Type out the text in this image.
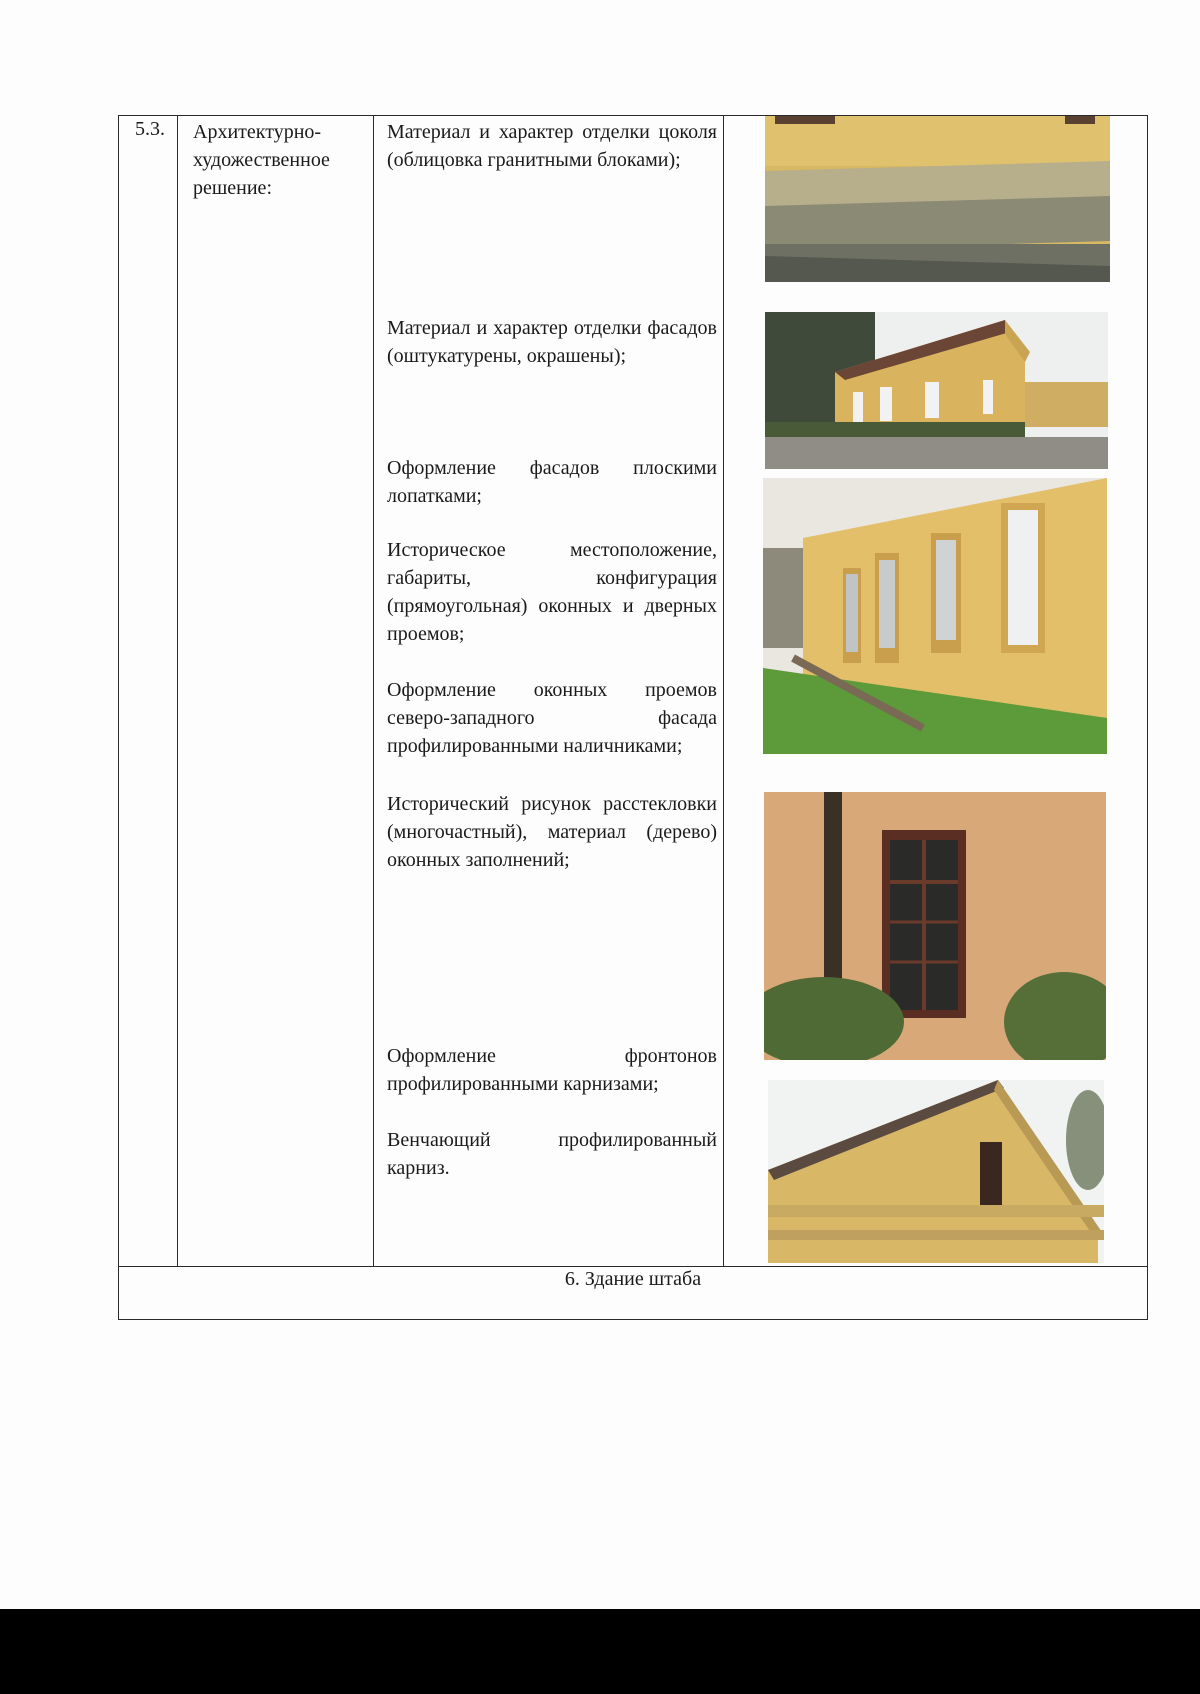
5.3. Архитектурно-художественное решение:
Материал и характер отделки цоколя (облицовка гранитными блоками);
Материал и характер отделки фасадов (оштукатурены, окрашены);
Оформление фасадов плоскими лопатками;
Историческое местоположение, габариты, конфигурация (прямоугольная) оконных и дверных проемов;
Оформление оконных проемов северо-западного фасада профилированными наличниками;
Исторический рисунок расстекловки (многочастный), материал (дерево) оконных заполнений;
Оформление фронтонов профилированными карнизами;
Венчающий профилированный карниз.
6. Здание штаба
